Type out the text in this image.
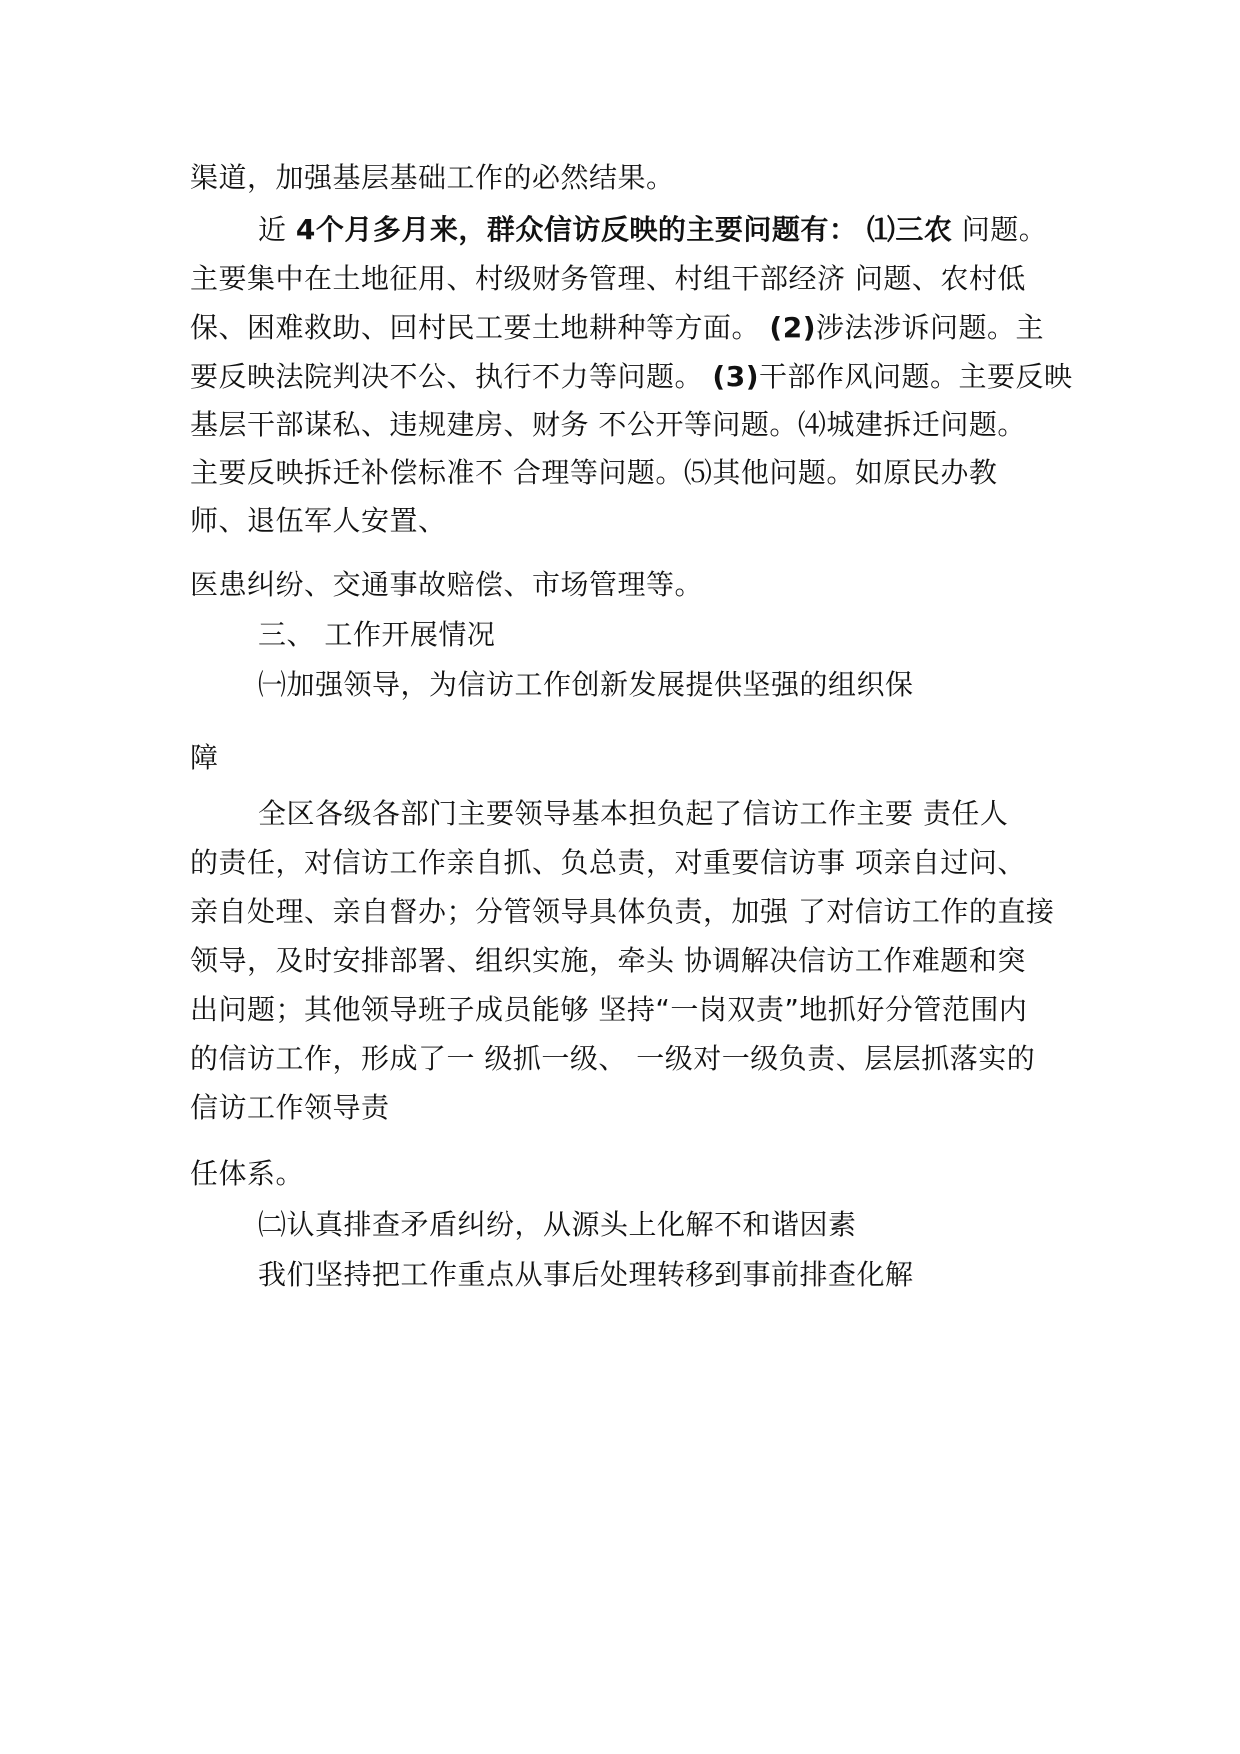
渠道，加强基层基础工作的必然结果。
近 4个月多月来，群众信访反映的主要问题有： ⑴三农 问题。
主要集中在土地征用、村级财务管理、村组干部经济 问题、农村低
保、困难救助、回村民工要土地耕种等方面。 (2)涉法涉诉问题。主
要反映法院判决不公、执行不力等问题。 (3)干部作风问题。主要反映
基层干部谋私、违规建房、财务 不公开等问题。⑷城建拆迁问题。
主要反映拆迁补偿标准不 合理等问题。⑸其他问题。如原民办教
师、退伍军人安置、
医患纠纷、交通事故赔偿、市场管理等。
三、 工作开展情况
㈠加强领导，为信访工作创新发展提供坚强的组织保
障
全区各级各部门主要领导基本担负起了信访工作主要 责任人
的责任，对信访工作亲自抓、负总责，对重要信访事 项亲自过问、
亲自处理、亲自督办；分管领导具体负责，加强 了对信访工作的直接
领导，及时安排部署、组织实施，牵头 协调解决信访工作难题和突
出问题；其他领导班子成员能够 坚持“一岗双责”地抓好分管范围内
的信访工作，形成了一 级抓一级、 一级对一级负责、层层抓落实的
信访工作领导责
任体系。
㈡认真排查矛盾纠纷，从源头上化解不和谐因素
我们坚持把工作重点从事后处理转移到事前排查化解
